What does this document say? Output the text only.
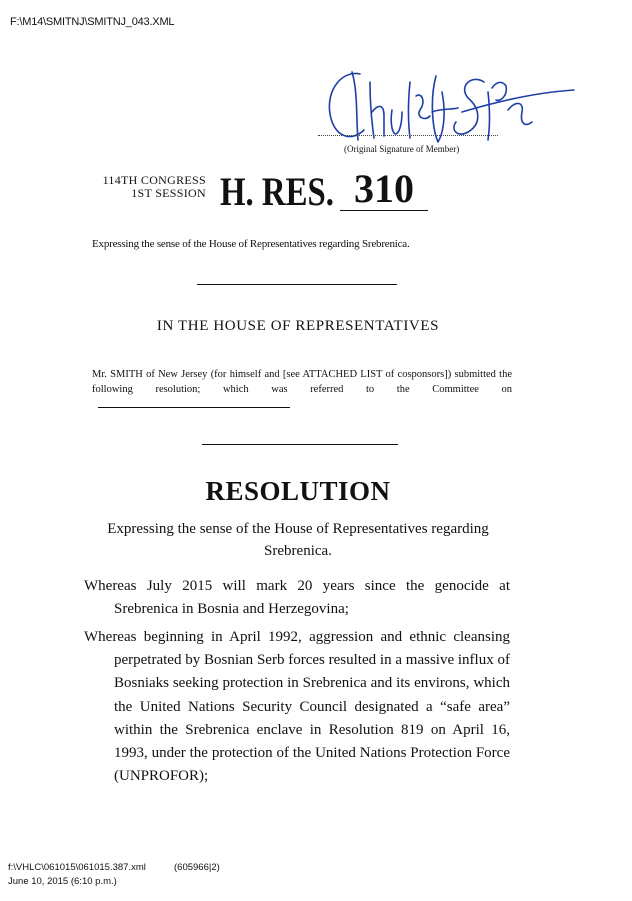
F:\M14\SMITNJ\SMITNJ_043.XML
(Original Signature of Member)
114TH CONGRESS
1ST SESSION H. RES. 310
Expressing the sense of the House of Representatives regarding Srebrenica.
IN THE HOUSE OF REPRESENTATIVES
Mr. SMITH of New Jersey (for himself and [see ATTACHED LIST of cosponsors]) submitted the following resolution; which was referred to the Committee on
RESOLUTION
Expressing the sense of the House of Representatives regarding Srebrenica.
Whereas July 2015 will mark 20 years since the genocide at Srebrenica in Bosnia and Herzegovina;
Whereas beginning in April 1992, aggression and ethnic cleansing perpetrated by Bosnian Serb forces resulted in a massive influx of Bosniaks seeking protection in Srebrenica and its environs, which the United Nations Security Council designated a “safe area” within the Srebrenica enclave in Resolution 819 on April 16, 1993, under the protection of the United Nations Protection Force (UNPROFOR);
f:\VHLC\061015\061015.387.xml	(605966|2)
June 10, 2015 (6:10 p.m.)
